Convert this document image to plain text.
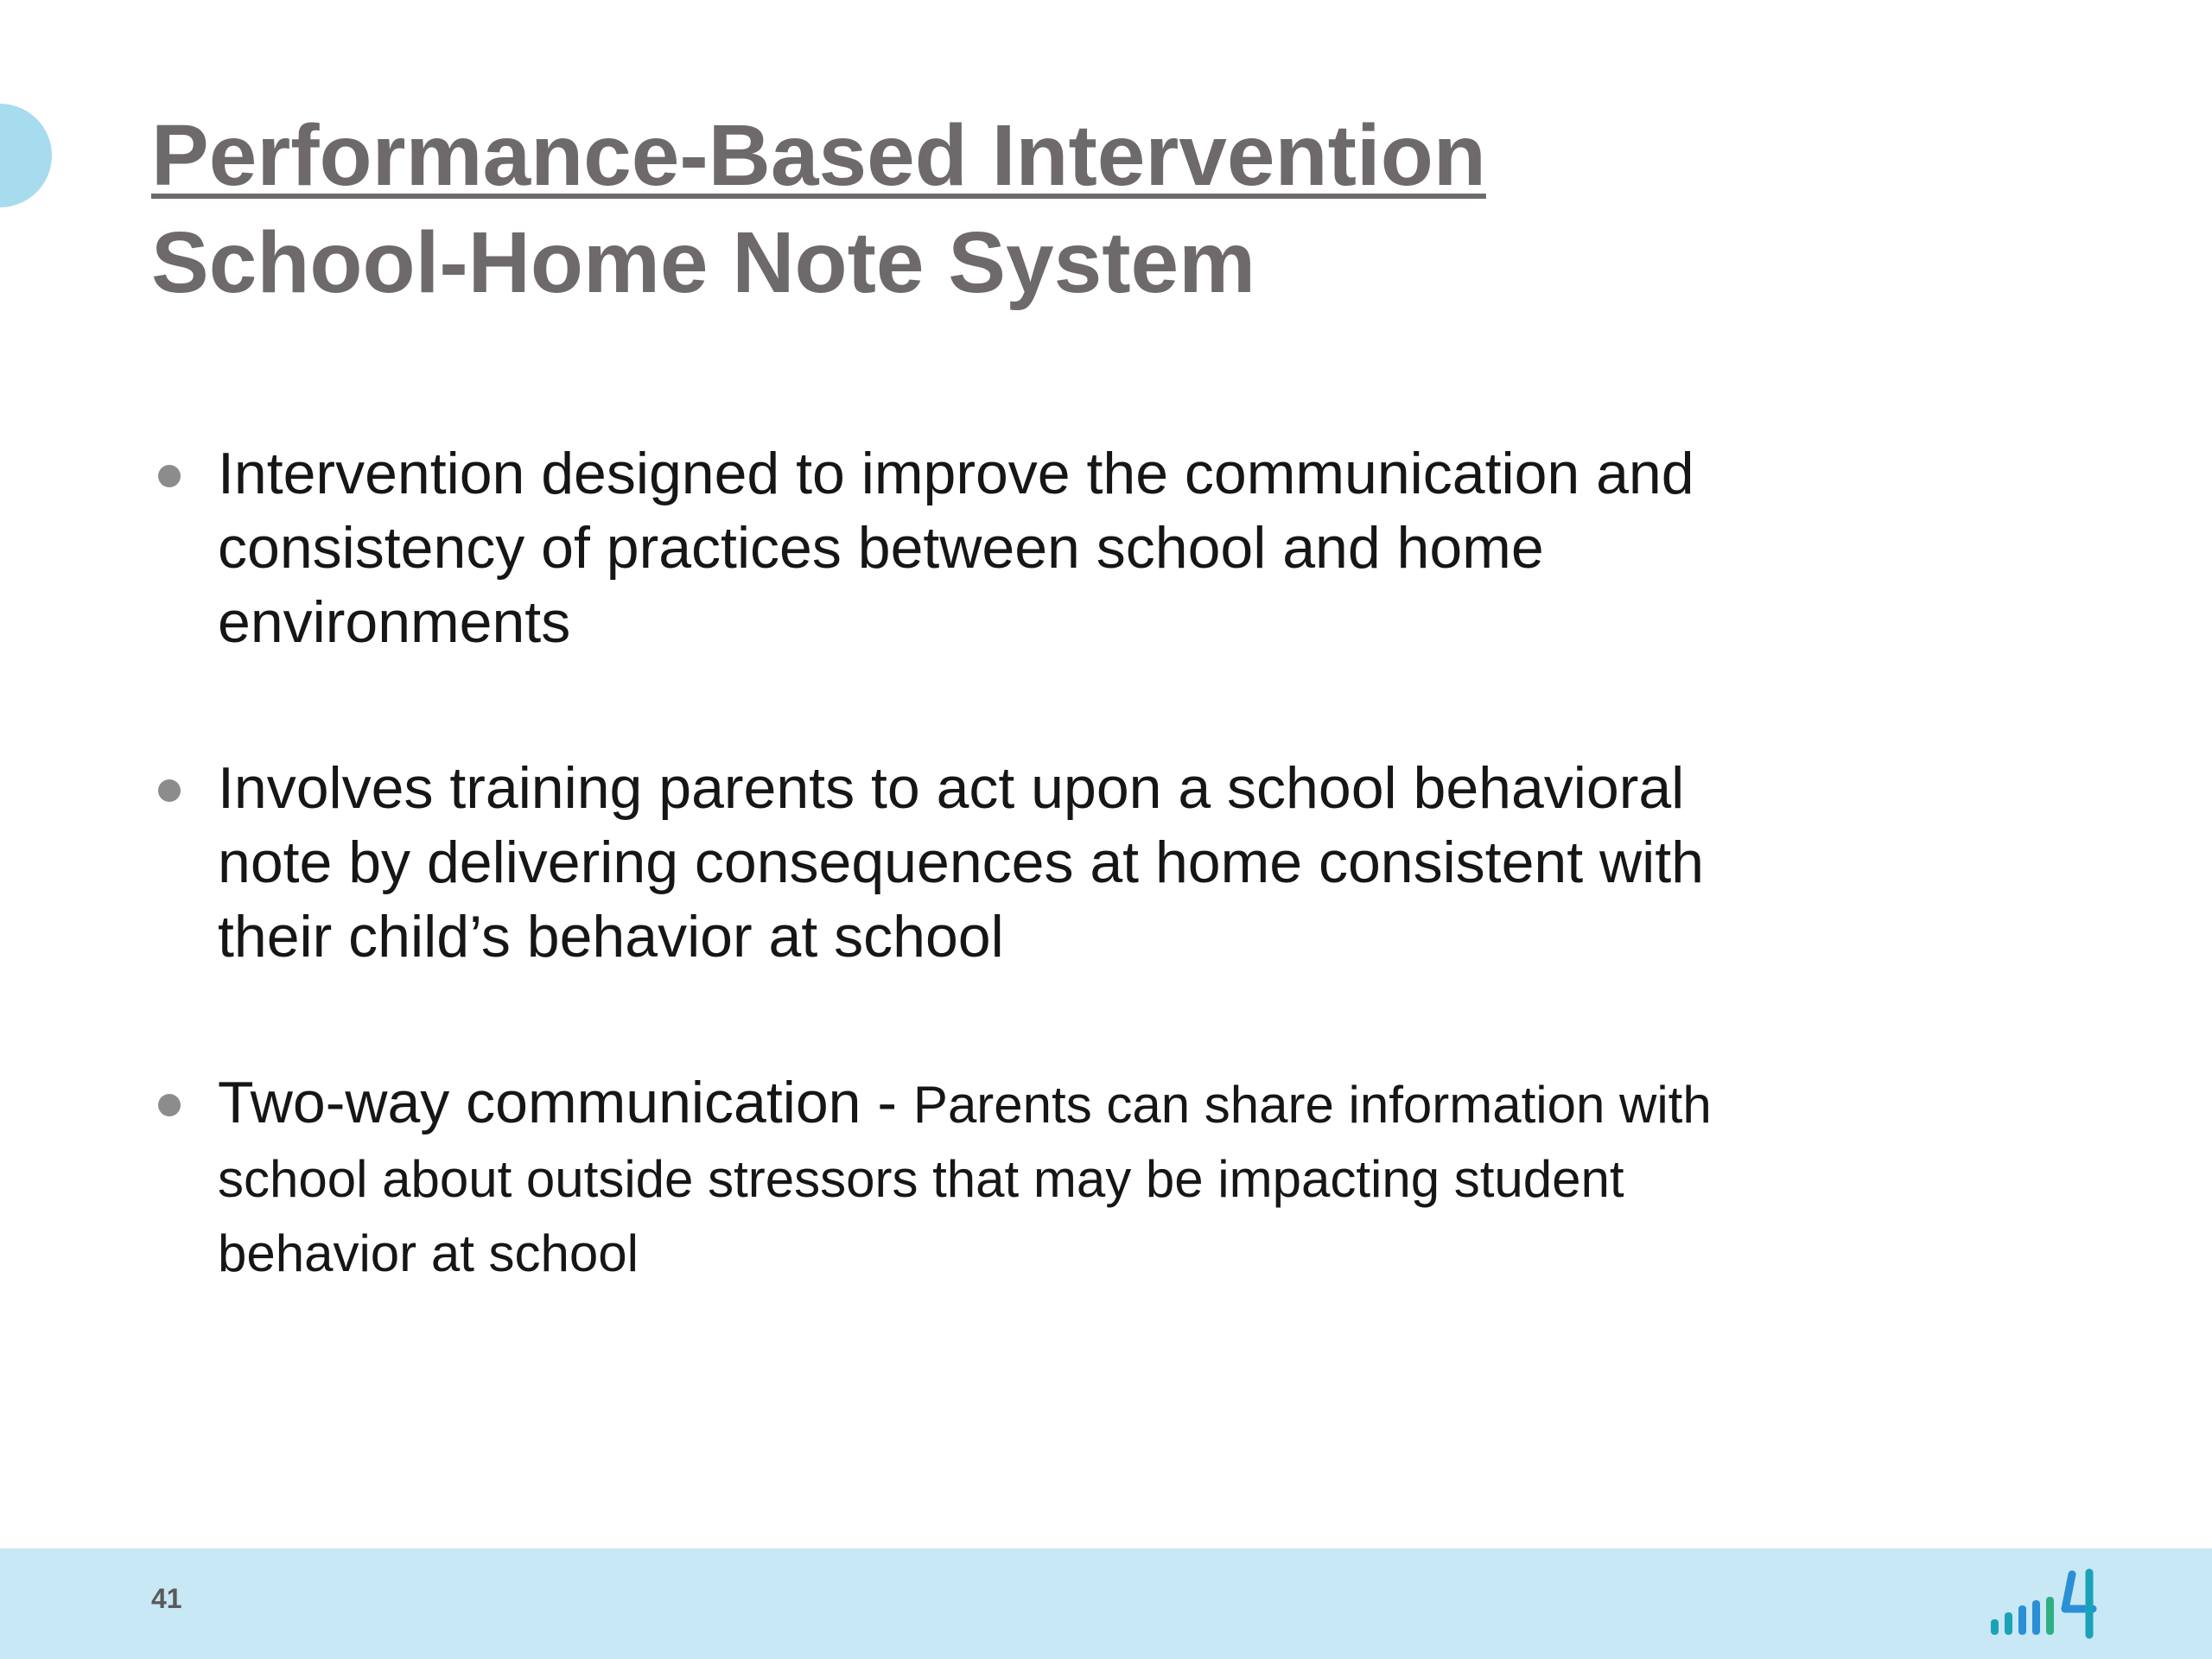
Performance-Based Intervention
School-Home Note System
Intervention designed to improve the communication and consistency of practices between school and home environments
Involves training parents to act upon a school behavioral note by delivering consequences at home consistent with their child’s behavior at school
Two-way communication - Parents can share information with school about outside stressors that may be impacting student behavior at school
41
